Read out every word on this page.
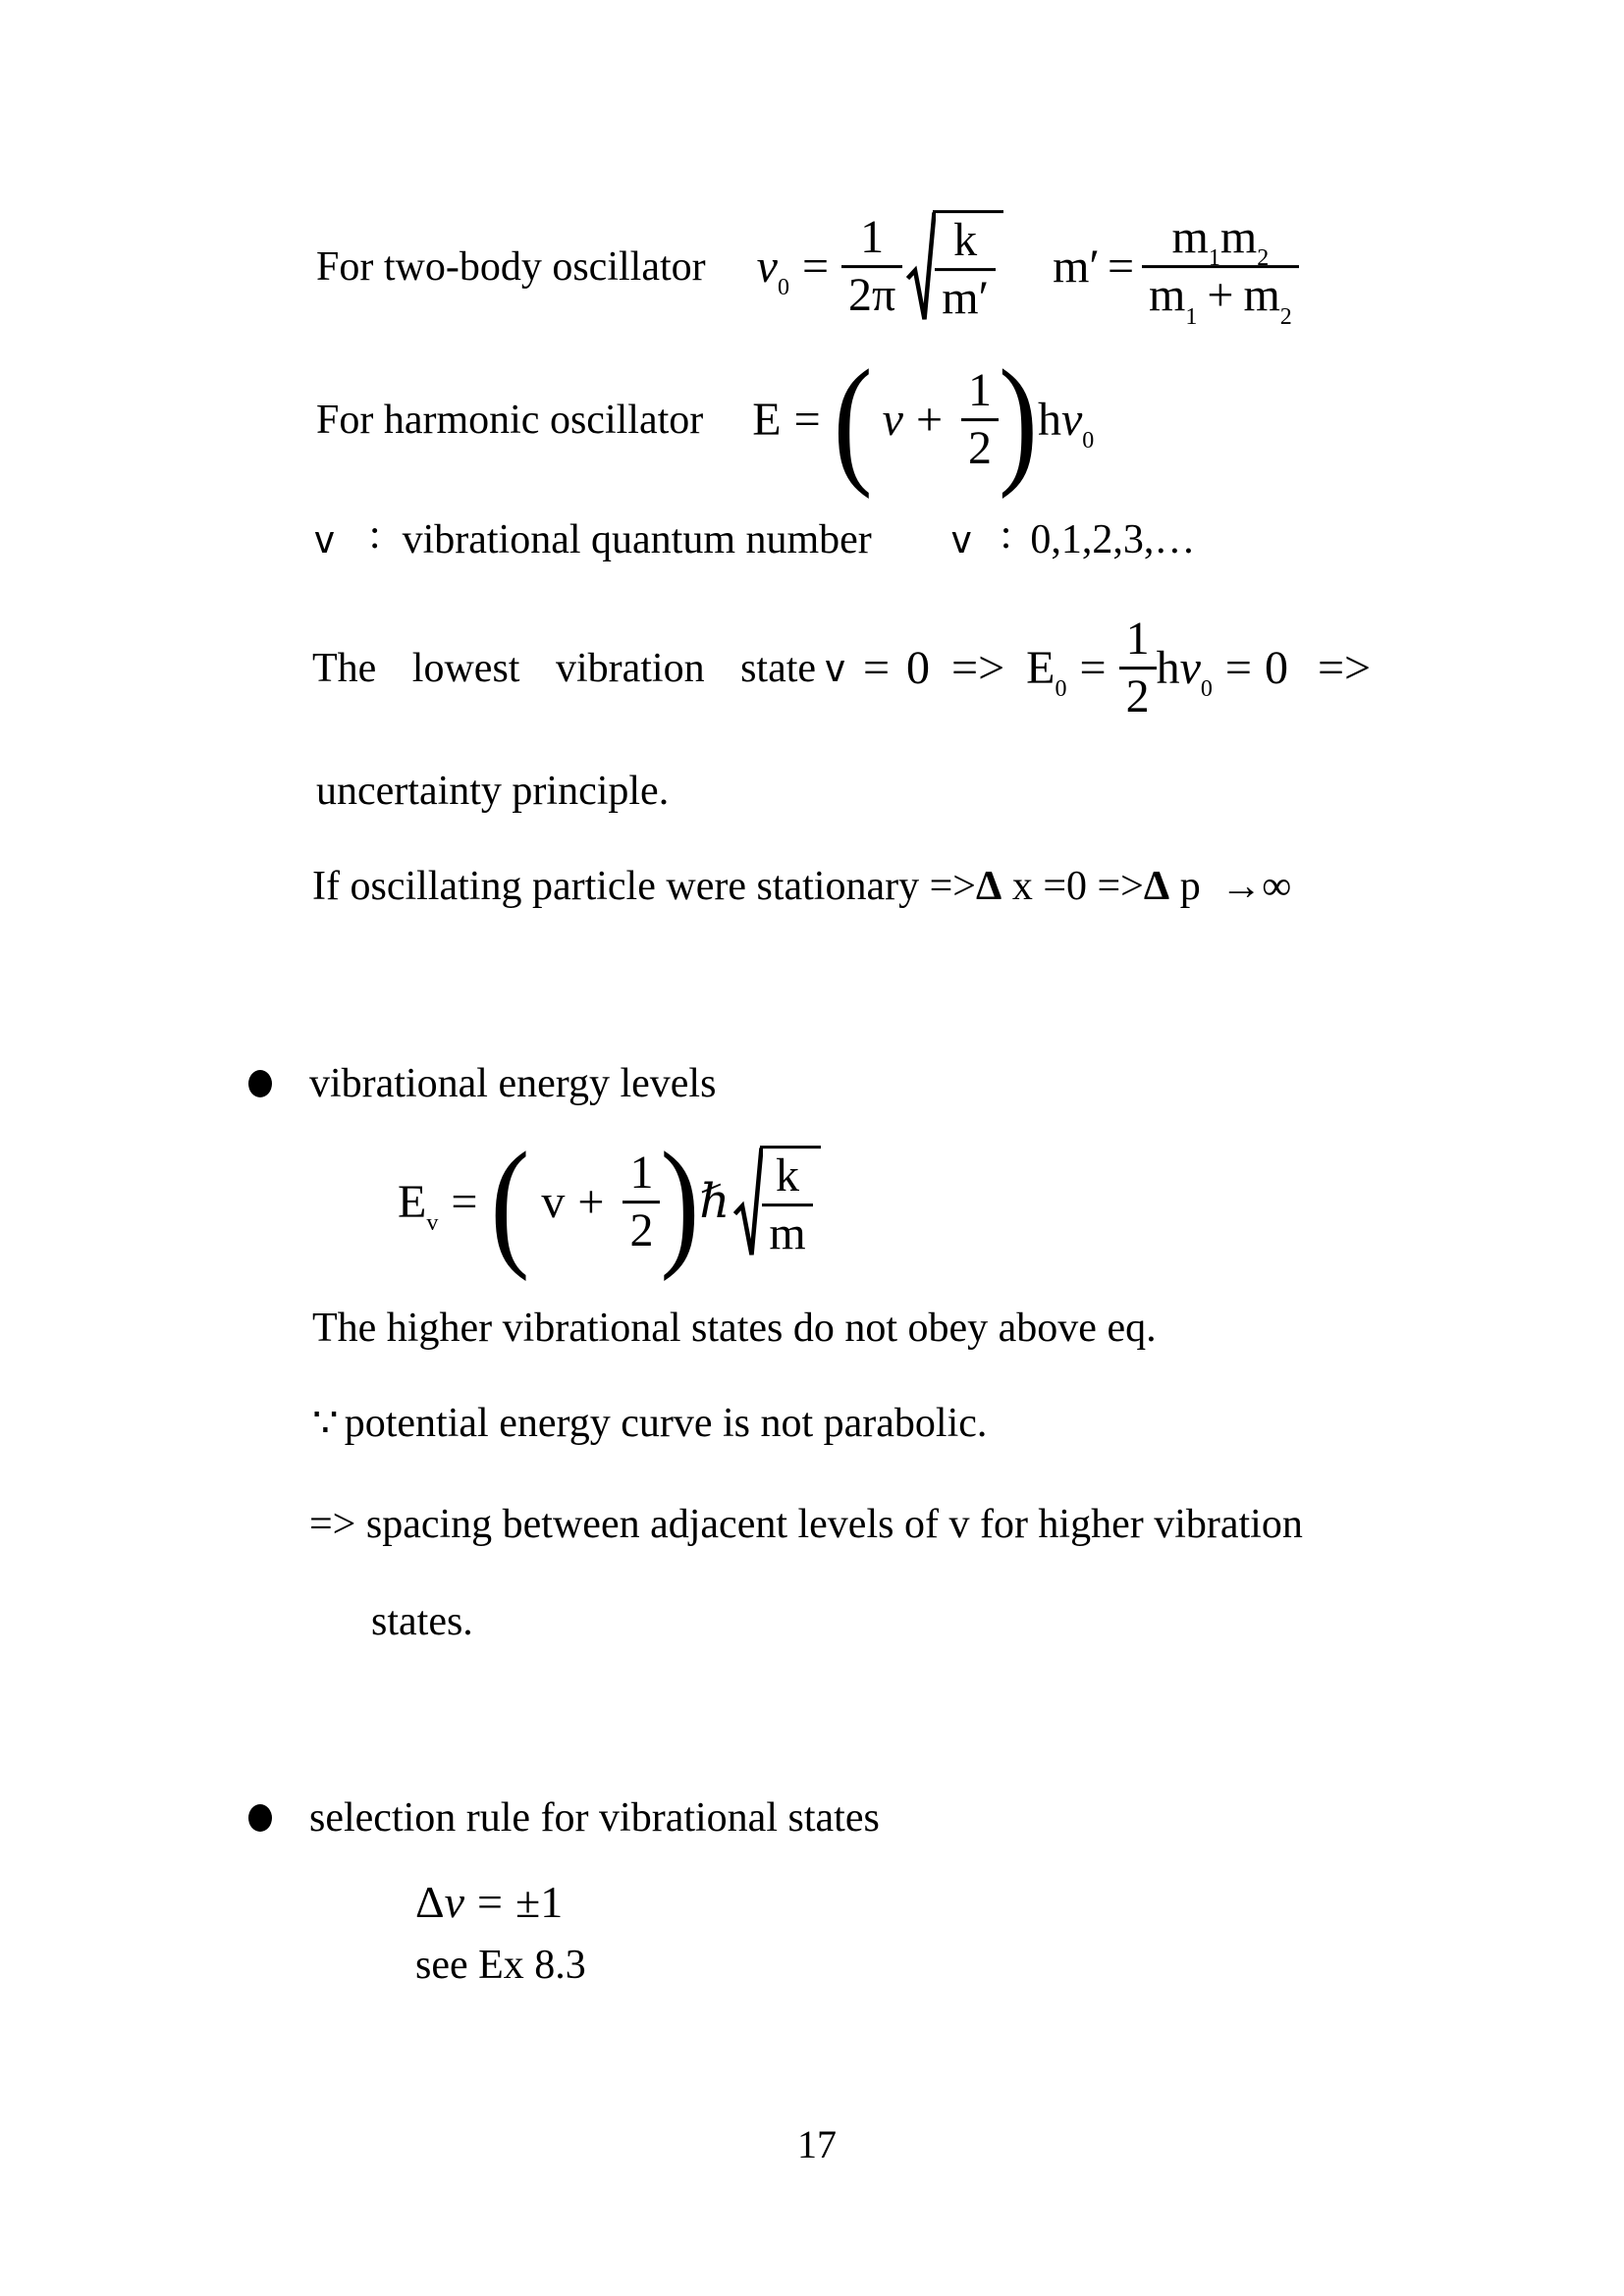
For two-body oscillator $\nu_0 = \frac{1}{2\pi} \frac{k}{m'} m' = \frac{m_1m_2}{m_1 + m_2}$
For harmonic oscillator E = ( $v + \frac{1}{2}$ ) $h\nu_0$
v : vibrational quantum number v : 0,1,2,3,…
The lowest vibration state $v = 0 => E_0 = \frac{1}{2} h\nu_0 = 0$ =>
uncertainty principle.
If oscillating particle were stationary =>Δ x =0 =>Δ p →∞
vibrational energy levels
$E_v$ = ( $v + \frac{1}{2}$ ) ℏ $\frac{k}{m}$
The higher vibrational states do not obey above eq.
∵ potential energy curve is not parabolic.
=> spacing between adjacent levels of v for higher vibration
states.
selection rule for vibrational states
Δ v = ±1
see Ex 8.3
17
